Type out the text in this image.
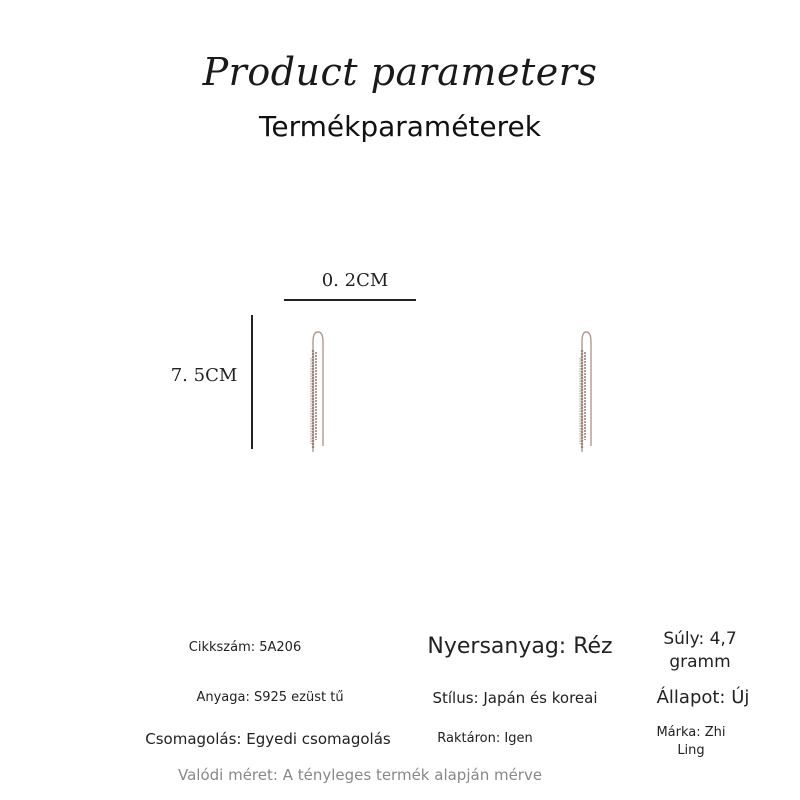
Product parameters
Termékparaméterek
0. 2CM
7. 5CM
Cikkszám: 5A206	Nyersanyag: Réz	Súly: 4,7
gramm
Anyaga: S925 ezüst tű	Stílus: Japán és koreai	Állapot: Új
Csomagolás: Egyedi csomagolás	Raktáron: Igen	Márka: Zhi
Ling
Valódi méret: A tényleges termék alapján mérve
